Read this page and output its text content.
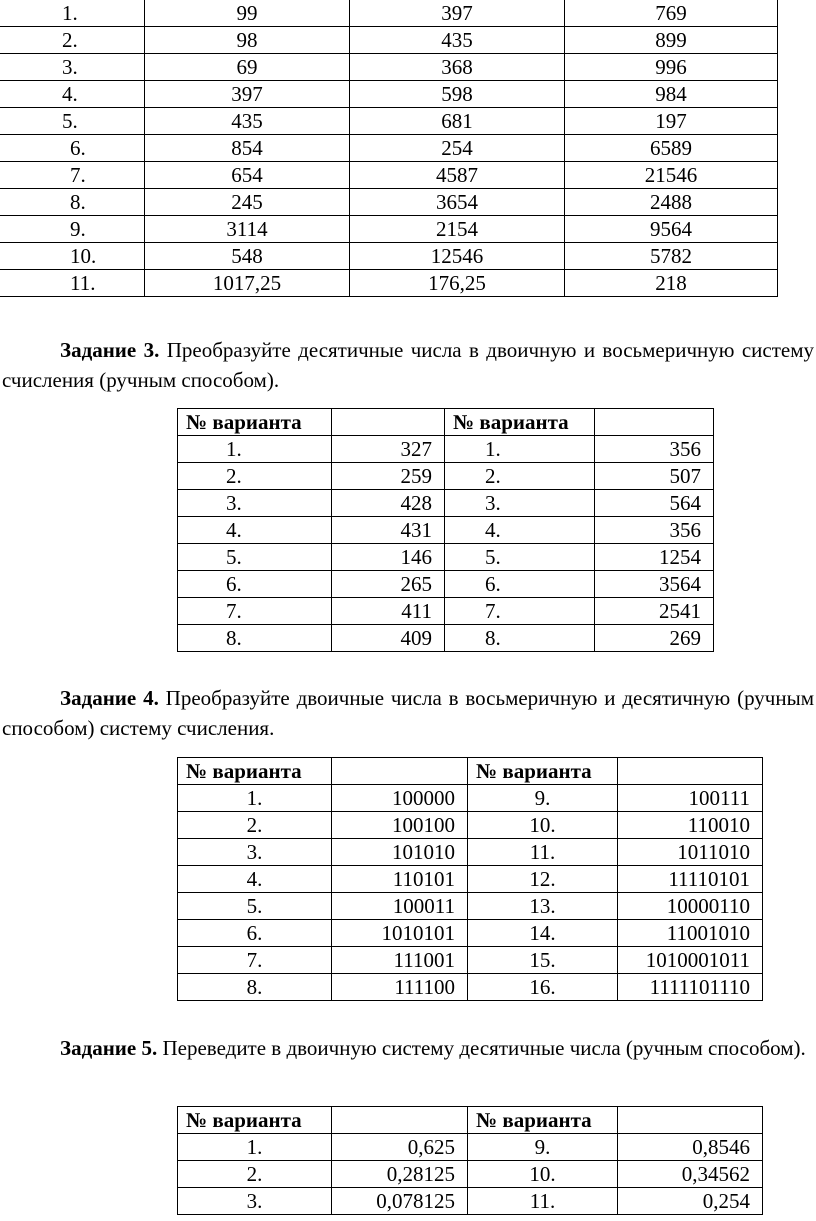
1.	99	397	769
2.	98	435	899
3.	69	368	996
4.	397	598	984
5.	435	681	197
6.	854	254	6589
7.	654	4587	21546
8.	245	3654	2488
9.	3114	2154	9564
10.	548	12546	5782
11.	1017,25	176,25	218
Задание 3. Преобразуйте десятичные числа в двоичную и восьмеричную систему счисления (ручным способом).
№ варианта		№ варианта	
1.	327	1.	356
2.	259	2.	507
3.	428	3.	564
4.	431	4.	356
5.	146	5.	1254
6.	265	6.	3564
7.	411	7.	2541
8.	409	8.	269
Задание 4. Преобразуйте двоичные числа в восьмеричную и десятичную (ручным способом) систему счисления.
№ варианта		№ варианта	
1.	100000	9.	100111
2.	100100	10.	110010
3.	101010	11.	1011010
4.	110101	12.	11110101
5.	100011	13.	10000110
6.	1010101	14.	11001010
7.	111001	15.	1010001011
8.	111100	16.	1111101110
Задание 5. Переведите в двоичную систему десятичные числа (ручным способом).
№ варианта		№ варианта	
1.	0,625	9.	0,8546
2.	0,28125	10.	0,34562
3.	0,078125	11.	0,254
